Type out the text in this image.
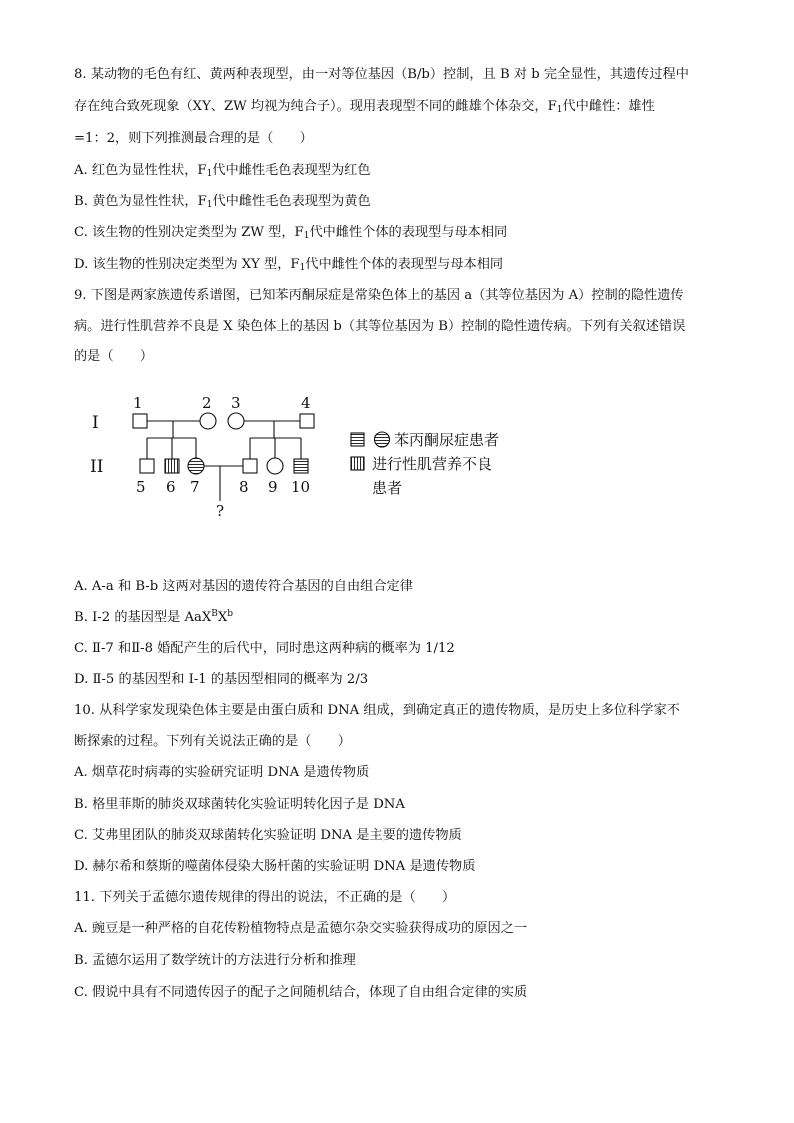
8. 某动物的毛色有红、黄两种表现型，由一对等位基因（B/b）控制，且 B 对 b 完全显性，其遗传过程中
存在纯合致死现象（XY、ZW 均视为纯合子）。现用表现型不同的雌雄个体杂交，$F_1$代中雌性：雄性
=1：2，则下列推测最合理的是（　　）
A. 红色为显性性状，$F_1$代中雌性毛色表现型为红色
B. 黄色为显性性状，$F_1$代中雌性毛色表现型为黄色
C. 该生物的性别决定类型为 ZW 型，$F_1$代中雌性个体的表现型与母本相同
D. 该生物的性别决定类型为 XY 型，$F_1$代中雌性个体的表现型与母本相同
9. 下图是两家族遗传系谱图，已知苯丙酮尿症是常染色体上的基因 a（其等位基因为 A）控制的隐性遗传
病。进行性肌营养不良是 X 染色体上的基因 b（其等位基因为 B）控制的隐性遗传病。下列有关叙述错误
的是（　　）
I
II
1	2 3	4
5 6 7	8 9 10
?
苯丙酮尿症患者
进行性肌营养不良
患者
A. A-a 和 B-b 这两对基因的遗传符合基因的自由组合定律
B. I-2 的基因型是 $AaX^BX^b$
C. Ⅱ-7 和Ⅱ-8 婚配产生的后代中，同时患这两种病的概率为 1/12
D. Ⅱ-5 的基因型和 I-1 的基因型相同的概率为 2/3
10. 从科学家发现染色体主要是由蛋白质和 DNA 组成，到确定真正的遗传物质，是历史上多位科学家不
断探索的过程。下列有关说法正确的是（　　）
A. 烟草花时病毒的实验研究证明 DNA 是遗传物质
B. 格里菲斯的肺炎双球菌转化实验证明转化因子是 DNA
C. 艾弗里团队的肺炎双球菌转化实验证明 DNA 是主要的遗传物质
D. 赫尔希和蔡斯的噬菌体侵染大肠杆菌的实验证明 DNA 是遗传物质
11. 下列关于孟德尔遗传规律的得出的说法，不正确的是（　　）
A. 豌豆是一种严格的自花传粉植物特点是孟德尔杂交实验获得成功的原因之一
B. 孟德尔运用了数学统计的方法进行分析和推理
C. 假说中具有不同遗传因子的配子之间随机结合，体现了自由组合定律的实质
